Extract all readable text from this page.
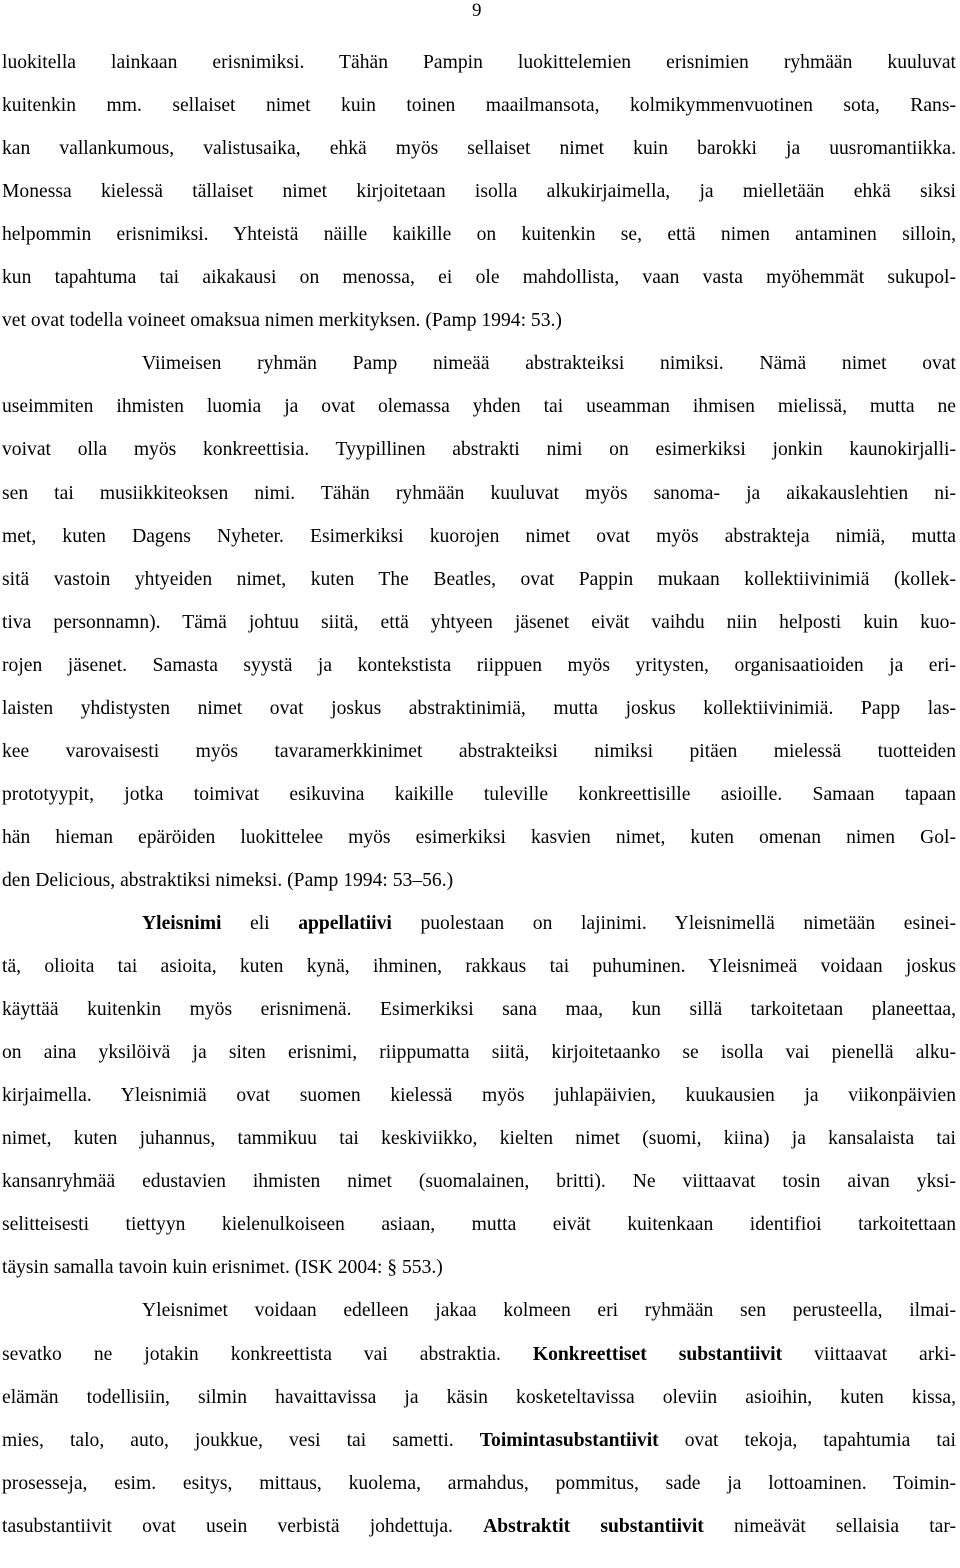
9
luokitella lainkaan erisnimiksi. Tähän Pampin luokittelemien erisnimien ryhmään kuuluvat
kuitenkin mm. sellaiset nimet kuin toinen maailmansota, kolmikymmenvuotinen sota, Rans-
kan vallankumous, valistusaika, ehkä myös sellaiset nimet kuin barokki ja uusromantiikka.
Monessa kielessä tällaiset nimet kirjoitetaan isolla alkukirjaimella, ja mielletään ehkä siksi
helpommin erisnimiksi. Yhteistä näille kaikille on kuitenkin se, että nimen antaminen silloin,
kun tapahtuma tai aikakausi on menossa, ei ole mahdollista, vaan vasta myöhemmät sukupol-
vet ovat todella voineet omaksua nimen merkityksen. (Pamp 1994: 53.)
Viimeisen ryhmän Pamp nimeää abstrakteiksi nimiksi. Nämä nimet ovat
useimmiten ihmisten luomia ja ovat olemassa yhden tai useamman ihmisen mielissä, mutta ne
voivat olla myös konkreettisia. Tyypillinen abstrakti nimi on esimerkiksi jonkin kaunokirjalli-
sen tai musiikkiteoksen nimi. Tähän ryhmään kuuluvat myös sanoma- ja aikakauslehtien ni-
met, kuten Dagens Nyheter. Esimerkiksi kuorojen nimet ovat myös abstrakteja nimiä, mutta
sitä vastoin yhtyeiden nimet, kuten The Beatles, ovat Pappin mukaan kollektiivinimiä (kollek-
tiva personnamn). Tämä johtuu siitä, että yhtyeen jäsenet eivät vaihdu niin helposti kuin kuo-
rojen jäsenet. Samasta syystä ja kontekstista riippuen myös yritysten, organisaatioiden ja eri-
laisten yhdistysten nimet ovat joskus abstraktinimiä, mutta joskus kollektiivinimiä. Papp las-
kee varovaisesti myös tavaramerkkinimet abstrakteiksi nimiksi pitäen mielessä tuotteiden
prototyypit, jotka toimivat esikuvina kaikille tuleville konkreettisille asioille. Samaan tapaan
hän hieman epäröiden luokittelee myös esimerkiksi kasvien nimet, kuten omenan nimen Gol-
den Delicious, abstraktiksi nimeksi. (Pamp 1994: 53–56.)
Yleisnimi eli appellatiivi puolestaan on lajinimi. Yleisnimellä nimetään esinei-
tä, olioita tai asioita, kuten kynä, ihminen, rakkaus tai puhuminen. Yleisnimeä voidaan joskus
käyttää kuitenkin myös erisnimenä. Esimerkiksi sana maa, kun sillä tarkoitetaan planeettaa,
on aina yksilöivä ja siten erisnimi, riippumatta siitä, kirjoitetaanko se isolla vai pienellä alku-
kirjaimella. Yleisnimiä ovat suomen kielessä myös juhlapäivien, kuukausien ja viikonpäivien
nimet, kuten juhannus, tammikuu tai keskiviikko, kielten nimet (suomi, kiina) ja kansalaista tai
kansanryhmää edustavien ihmisten nimet (suomalainen, britti). Ne viittaavat tosin aivan yksi-
selitteisesti tiettyyn kielenulkoiseen asiaan, mutta eivät kuitenkaan identifioi tarkoitettaan
täysin samalla tavoin kuin erisnimet. (ISK 2004: § 553.)
Yleisnimet voidaan edelleen jakaa kolmeen eri ryhmään sen perusteella, ilmai-
sevatko ne jotakin konkreettista vai abstraktia. Konkreettiset substantiivit viittaavat arki-
elämän todellisiin, silmin havaittavissa ja käsin kosketeltavissa oleviin asioihin, kuten kissa,
mies, talo, auto, joukkue, vesi tai sametti. Toimintasubstantiivit ovat tekoja, tapahtumia tai
prosesseja, esim. esitys, mittaus, kuolema, armahdus, pommitus, sade ja lottoaminen. Toimin-
tasubstantiivit ovat usein verbistä johdettuja. Abstraktit substantiivit nimeävät sellaisia tar-
